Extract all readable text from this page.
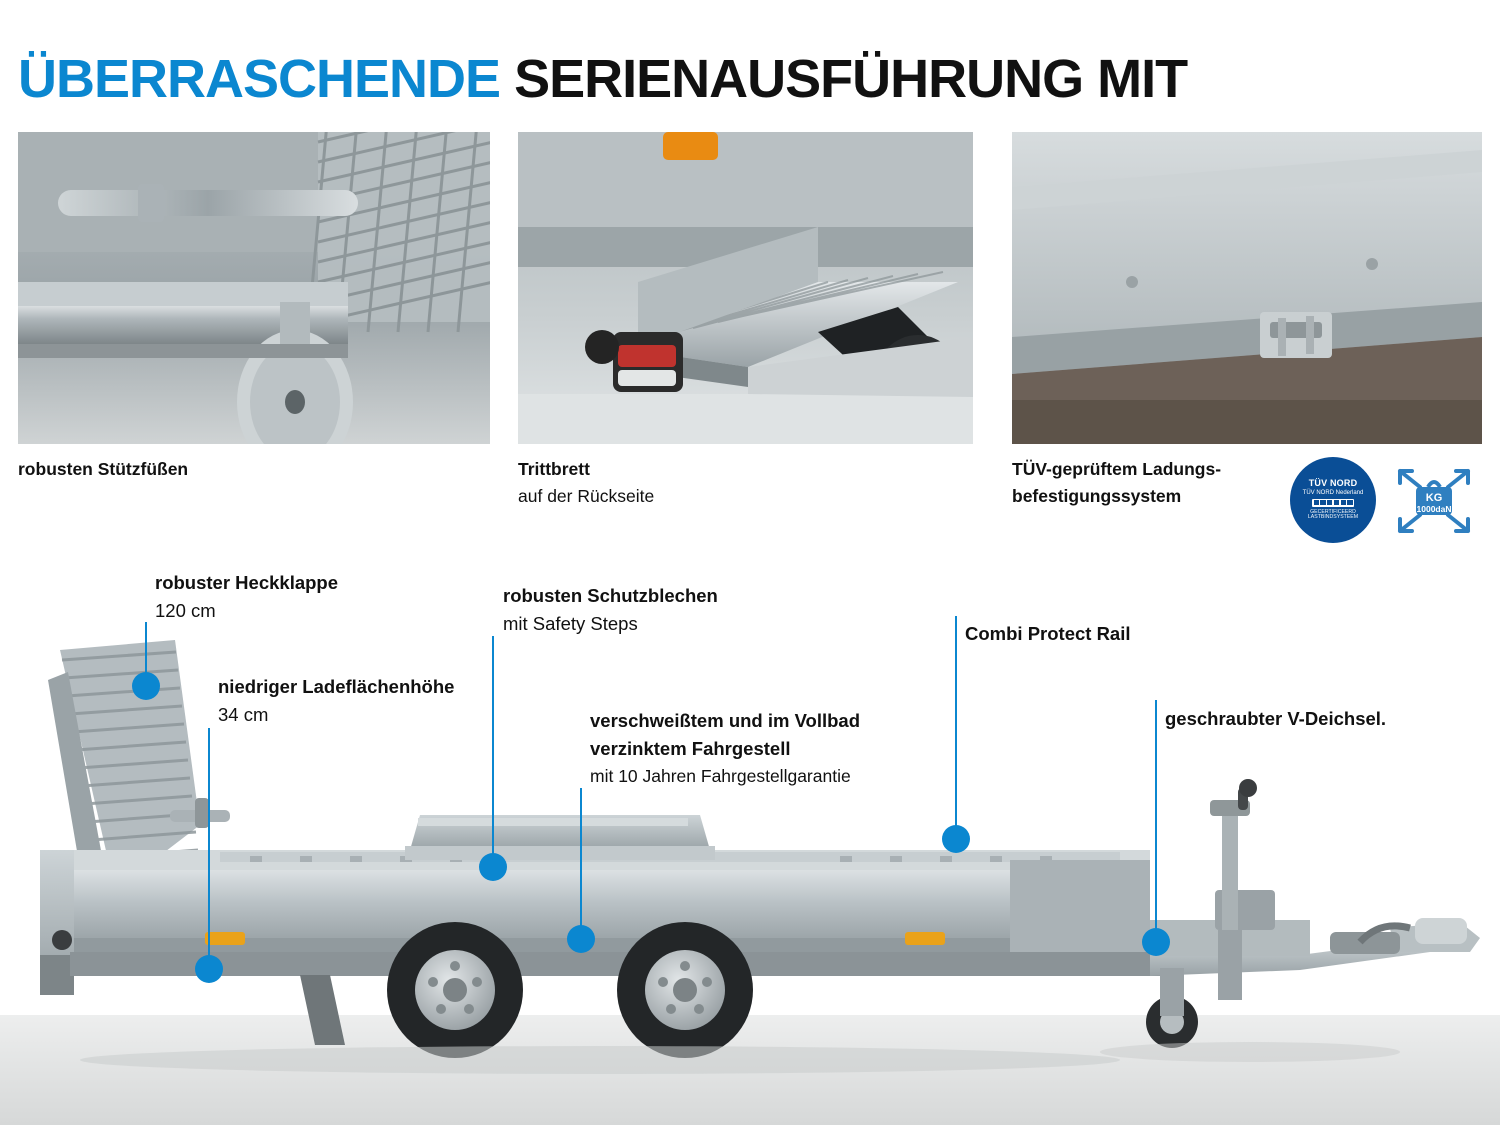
ÜBERRASCHENDE SERIENAUSFÜHRUNG MIT
robusten Stützfüßen	Trittbrett
auf der Rückseite
TÜV-geprüftem Ladungs-
befestigungssystem
TÜV NORD
TÜV NORD Nederland
GECERTIFICEERD LASTBINDSYSTEEM
KG
1000daN
robuster Heckklappe
120 cm
niedriger Ladeflächenhöhe
34 cm
robusten Schutzblechen
mit Safety Steps
verschweißtem und im Vollbad
verzinktem Fahrgestell
mit 10 Jahren Fahrgestellgarantie
Combi Protect Rail
geschraubter V-Deichsel.
